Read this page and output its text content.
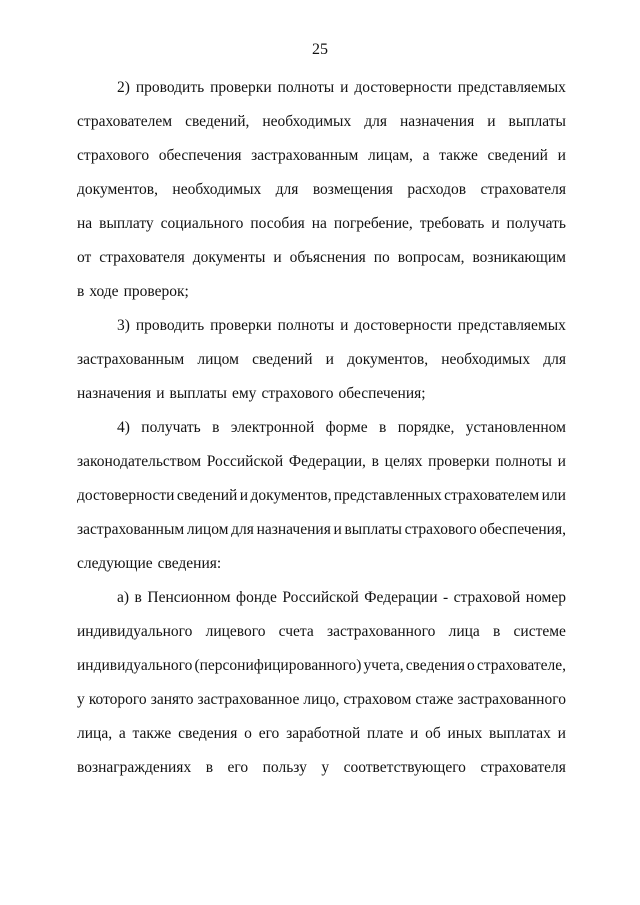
25
2) проводить проверки полноты и достоверности представляемых
страхователем сведений, необходимых для назначения и выплаты
страхового обеспечения застрахованным лицам, а также сведений и
документов, необходимых для возмещения расходов страхователя
на выплату социального пособия на погребение, требовать и получать
от страхователя документы и объяснения по вопросам, возникающим
в ходе проверок;
3) проводить проверки полноты и достоверности представляемых
застрахованным лицом сведений и документов, необходимых для
назначения и выплаты ему страхового обеспечения;
4) получать в электронной форме в порядке, установленном
законодательством Российской Федерации, в целях проверки полноты и
достоверности сведений и документов, представленных страхователем или
застрахованным лицом для назначения и выплаты страхового обеспечения,
следующие сведения:
а) в Пенсионном фонде Российской Федерации - страховой номер
индивидуального лицевого счета застрахованного лица в системе
индивидуального (персонифицированного) учета, сведения о страхователе,
у которого занято застрахованное лицо, страховом стаже застрахованного
лица, а также сведения о его заработной плате и об иных выплатах и
вознаграждениях в его пользу у соответствующего страхователя
